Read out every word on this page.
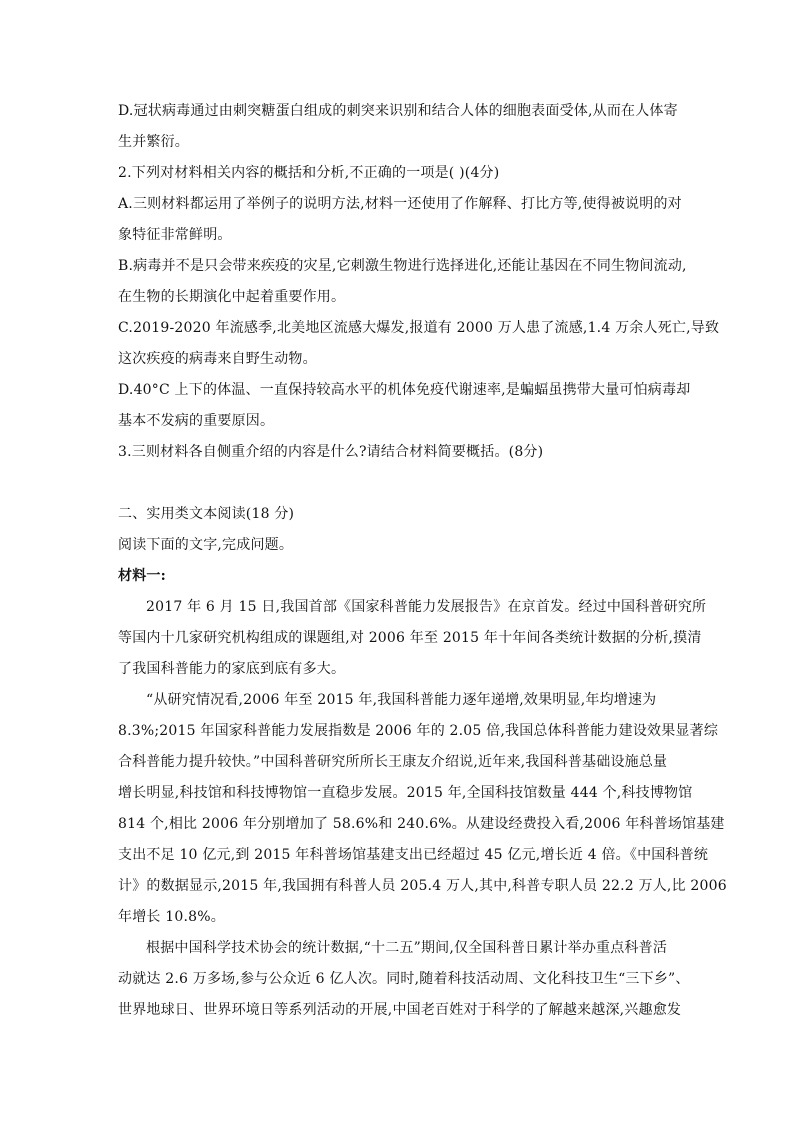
D.冠状病毒通过由刺突糖蛋白组成的刺突来识别和结合人体的细胞表面受体,从而在人体寄
生并繁衍。
2.下列对材料相关内容的概括和分析,不正确的一项是( )(4分)
A.三则材料都运用了举例子的说明方法,材料一还使用了作解释、打比方等,使得被说明的对
象特征非常鲜明。
B.病毒并不是只会带来疾疫的灾星,它刺激生物进行选择进化,还能让基因在不同生物间流动,
在生物的长期演化中起着重要作用。
C.2019-2020 年流感季,北美地区流感大爆发,报道有 2000 万人患了流感,1.4 万余人死亡,导致
这次疾疫的病毒来自野生动物。
D.40°C 上下的体温、一直保持较高水平的机体免疫代谢速率,是蝙蝠虽携带大量可怕病毒却
基本不发病的重要原因。
3.三则材料各自侧重介绍的内容是什么?请结合材料简要概括。(8分)
二、实用类文本阅读(18 分)
阅读下面的文字,完成问题。
材料一:
2017 年 6 月 15 日,我国首部《国家科普能力发展报告》在京首发。经过中国科普研究所
等国内十几家研究机构组成的课题组,对 2006 年至 2015 年十年间各类统计数据的分析,摸清
了我国科普能力的家底到底有多大。
“从研究情况看,2006 年至 2015 年,我国科普能力逐年递增,效果明显,年均增速为
8.3%;2015 年国家科普能力发展指数是 2006 年的 2.05 倍,我国总体科普能力建设效果显著综
合科普能力提升较快。”中国科普研究所所长王康友介绍说,近年来,我国科普基础设施总量
增长明显,科技馆和科技博物馆一直稳步发展。2015 年,全国科技馆数量 444 个,科技博物馆
814 个,相比 2006 年分别增加了 58.6%和 240.6%。从建设经费投入看,2006 年科普场馆基建
支出不足 10 亿元,到 2015 年科普场馆基建支出已经超过 45 亿元,增长近 4 倍。《中国科普统
计》的数据显示,2015 年,我国拥有科普人员 205.4 万人,其中,科普专职人员 22.2 万人,比 2006
年增长 10.8%。
根据中国科学技术协会的统计数据,“十二五”期间,仅全国科普日累计举办重点科普活
动就达 2.6 万多场,参与公众近 6 亿人次。同时,随着科技活动周、文化科技卫生“三下乡”、
世界地球日、世界环境日等系列活动的开展,中国老百姓对于科学的了解越来越深,兴趣愈发
